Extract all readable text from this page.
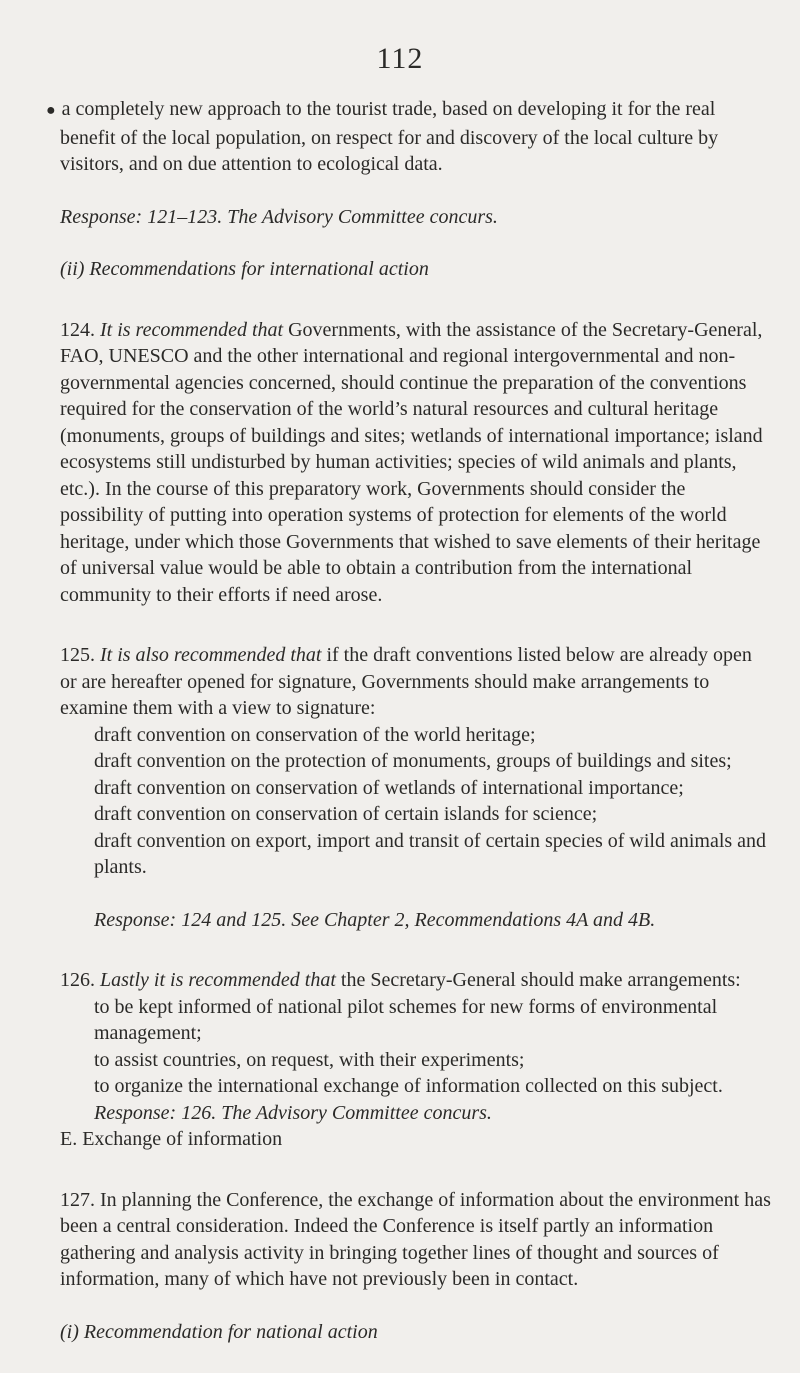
112

● a completely new approach to the tourist trade, based on developing it for the real benefit of the local population, on respect for and discovery of the local culture by visitors, and on due attention to ecological data.

Response: 121–123. The Advisory Committee concurs.

(ii) Recommendations for international action

124. It is recommended that Governments, with the assistance of the Secretary-General, FAO, UNESCO and the other international and regional intergovernmental and non-governmental agencies concerned, should continue the preparation of the conventions required for the conservation of the world’s natural resources and cultural heritage (monuments, groups of buildings and sites; wetlands of international importance; island ecosystems still undisturbed by human activities; species of wild animals and plants, etc.). In the course of this preparatory work, Governments should consider the possibility of putting into operation systems of protection for elements of the world heritage, under which those Governments that wished to save elements of their heritage of universal value would be able to obtain a contribution from the international community to their efforts if need arose.

125. It is also recommended that if the draft conventions listed below are already open or are hereafter opened for signature, Governments should make arrangements to examine them with a view to signature:

draft convention on conservation of the world heritage;

draft convention on the protection of monuments, groups of buildings and sites;

draft convention on conservation of wetlands of international importance;

draft convention on conservation of certain islands for science;

draft convention on export, import and transit of certain species of wild animals and plants.

Response: 124 and 125. See Chapter 2, Recommendations 4A and 4B.

126. Lastly it is recommended that the Secretary-General should make arrangements:

to be kept informed of national pilot schemes for new forms of environmental management;

to assist countries, on request, with their experiments;

to organize the international exchange of information collected on this subject.

Response: 126. The Advisory Committee concurs.

E. Exchange of information

127. In planning the Conference, the exchange of information about the environment has been a central consideration. Indeed the Conference is itself partly an information gathering and analysis activity in bringing together lines of thought and sources of information, many of which have not previously been in contact.

(i) Recommendation for national action
